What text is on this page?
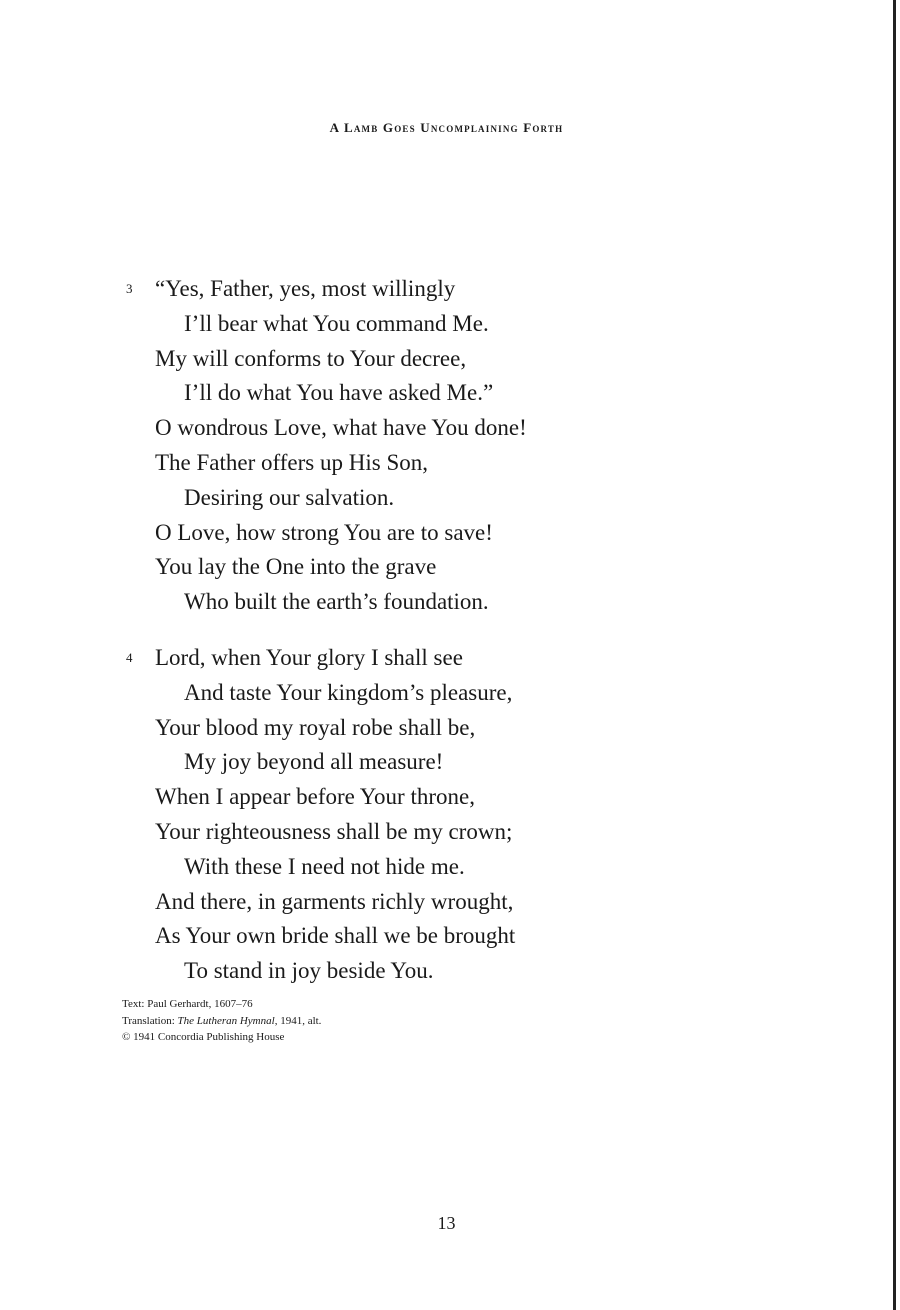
A Lamb Goes Uncomplaining Forth
3 “Yes, Father, yes, most willingly
I’ll bear what You command Me.
My will conforms to Your decree,
I’ll do what You have asked Me.”
O wondrous Love, what have You done!
The Father offers up His Son,
Desiring our salvation.
O Love, how strong You are to save!
You lay the One into the grave
Who built the earth’s foundation.
4 Lord, when Your glory I shall see
And taste Your kingdom’s pleasure,
Your blood my royal robe shall be,
My joy beyond all measure!
When I appear before Your throne,
Your righteousness shall be my crown;
With these I need not hide me.
And there, in garments richly wrought,
As Your own bride shall we be brought
To stand in joy beside You.
Text: Paul Gerhardt, 1607–76
Translation: The Lutheran Hymnal, 1941, alt.
© 1941 Concordia Publishing House
13
